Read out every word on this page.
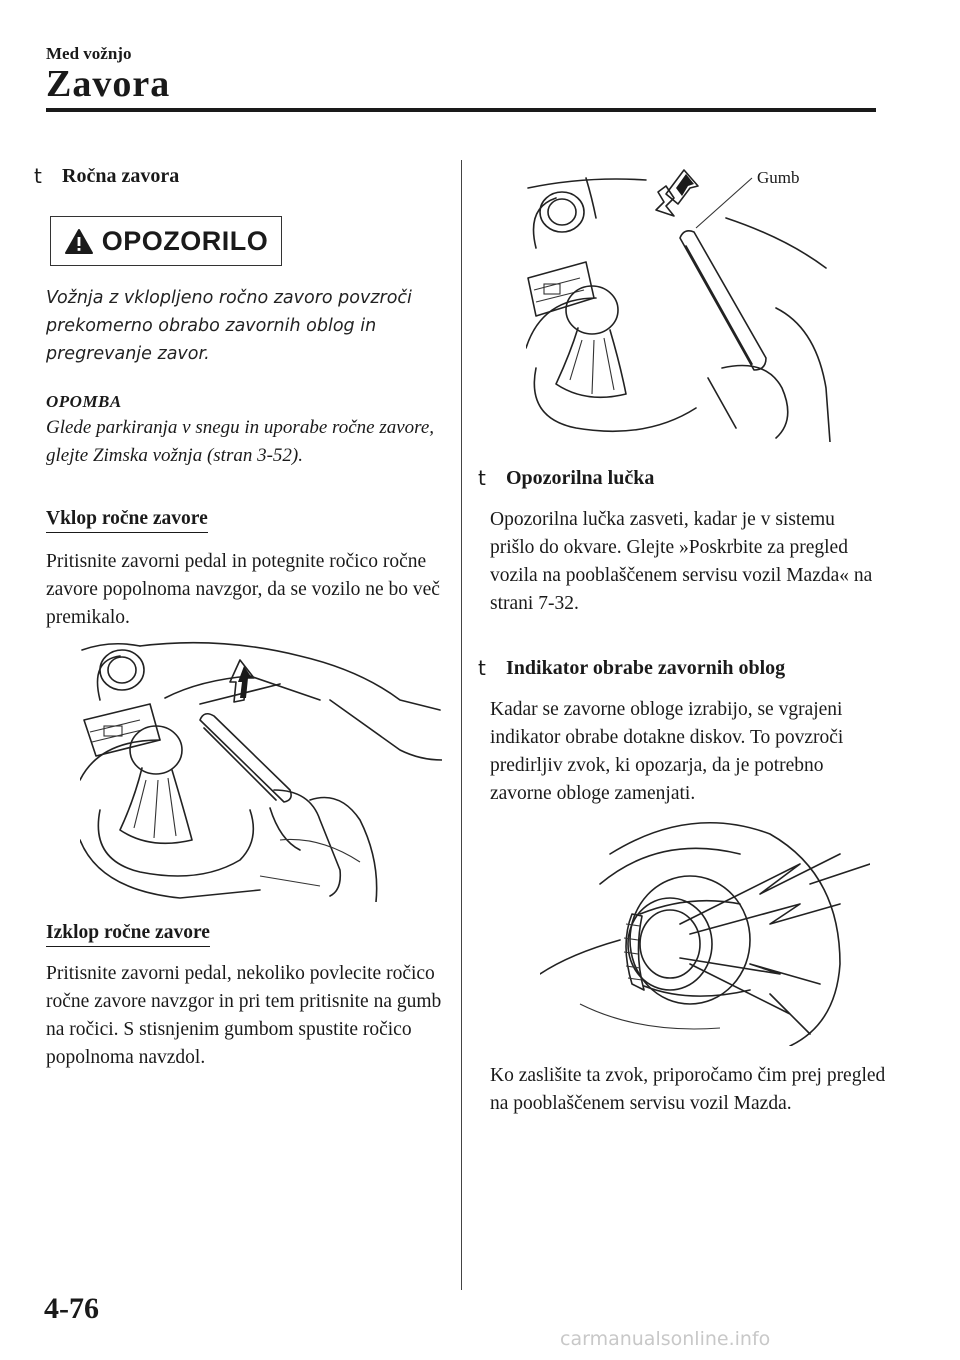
Med vožnjo
Zavora
t	Ročna zavora
OPOZORILO
Vožnja z vklopljeno ročno zavoro povzroči prekomerno obrabo zavornih oblog in pregrevanje zavor.
OPOMBA
Glede parkiranja v snegu in uporabe ročne zavore, glejte Zimska vožnja (stran 3-52).
Vklop ročne zavore
Pritisnite zavorni pedal in potegnite ročico ročne zavore popolnoma navzgor, da se vozilo ne bo več premikalo.
Izklop ročne zavore
Pritisnite zavorni pedal, nekoliko povlecite ročico ročne zavore navzgor in pri tem pritisnite na gumb na ročici. S stisnjenim gumbom spustite ročico popolnoma navzdol.
Gumb
t	Opozorilna lučka
Opozorilna lučka zasveti, kadar je v sistemu prišlo do okvare. Glejte »Poskrbite za pregled vozila na pooblaščenem servisu vozil Mazda« na strani 7-32.
t	Indikator obrabe zavornih oblog
Kadar se zavorne obloge izrabijo, se vgrajeni indikator obrabe dotakne diskov. To povzroči predirljiv zvok, ki opozarja, da je potrebno zavorne obloge zamenjati.
Ko zaslišite ta zvok, priporočamo čim prej pregled na pooblaščenem servisu vozil Mazda.
4-76
carmanualsonline.info
